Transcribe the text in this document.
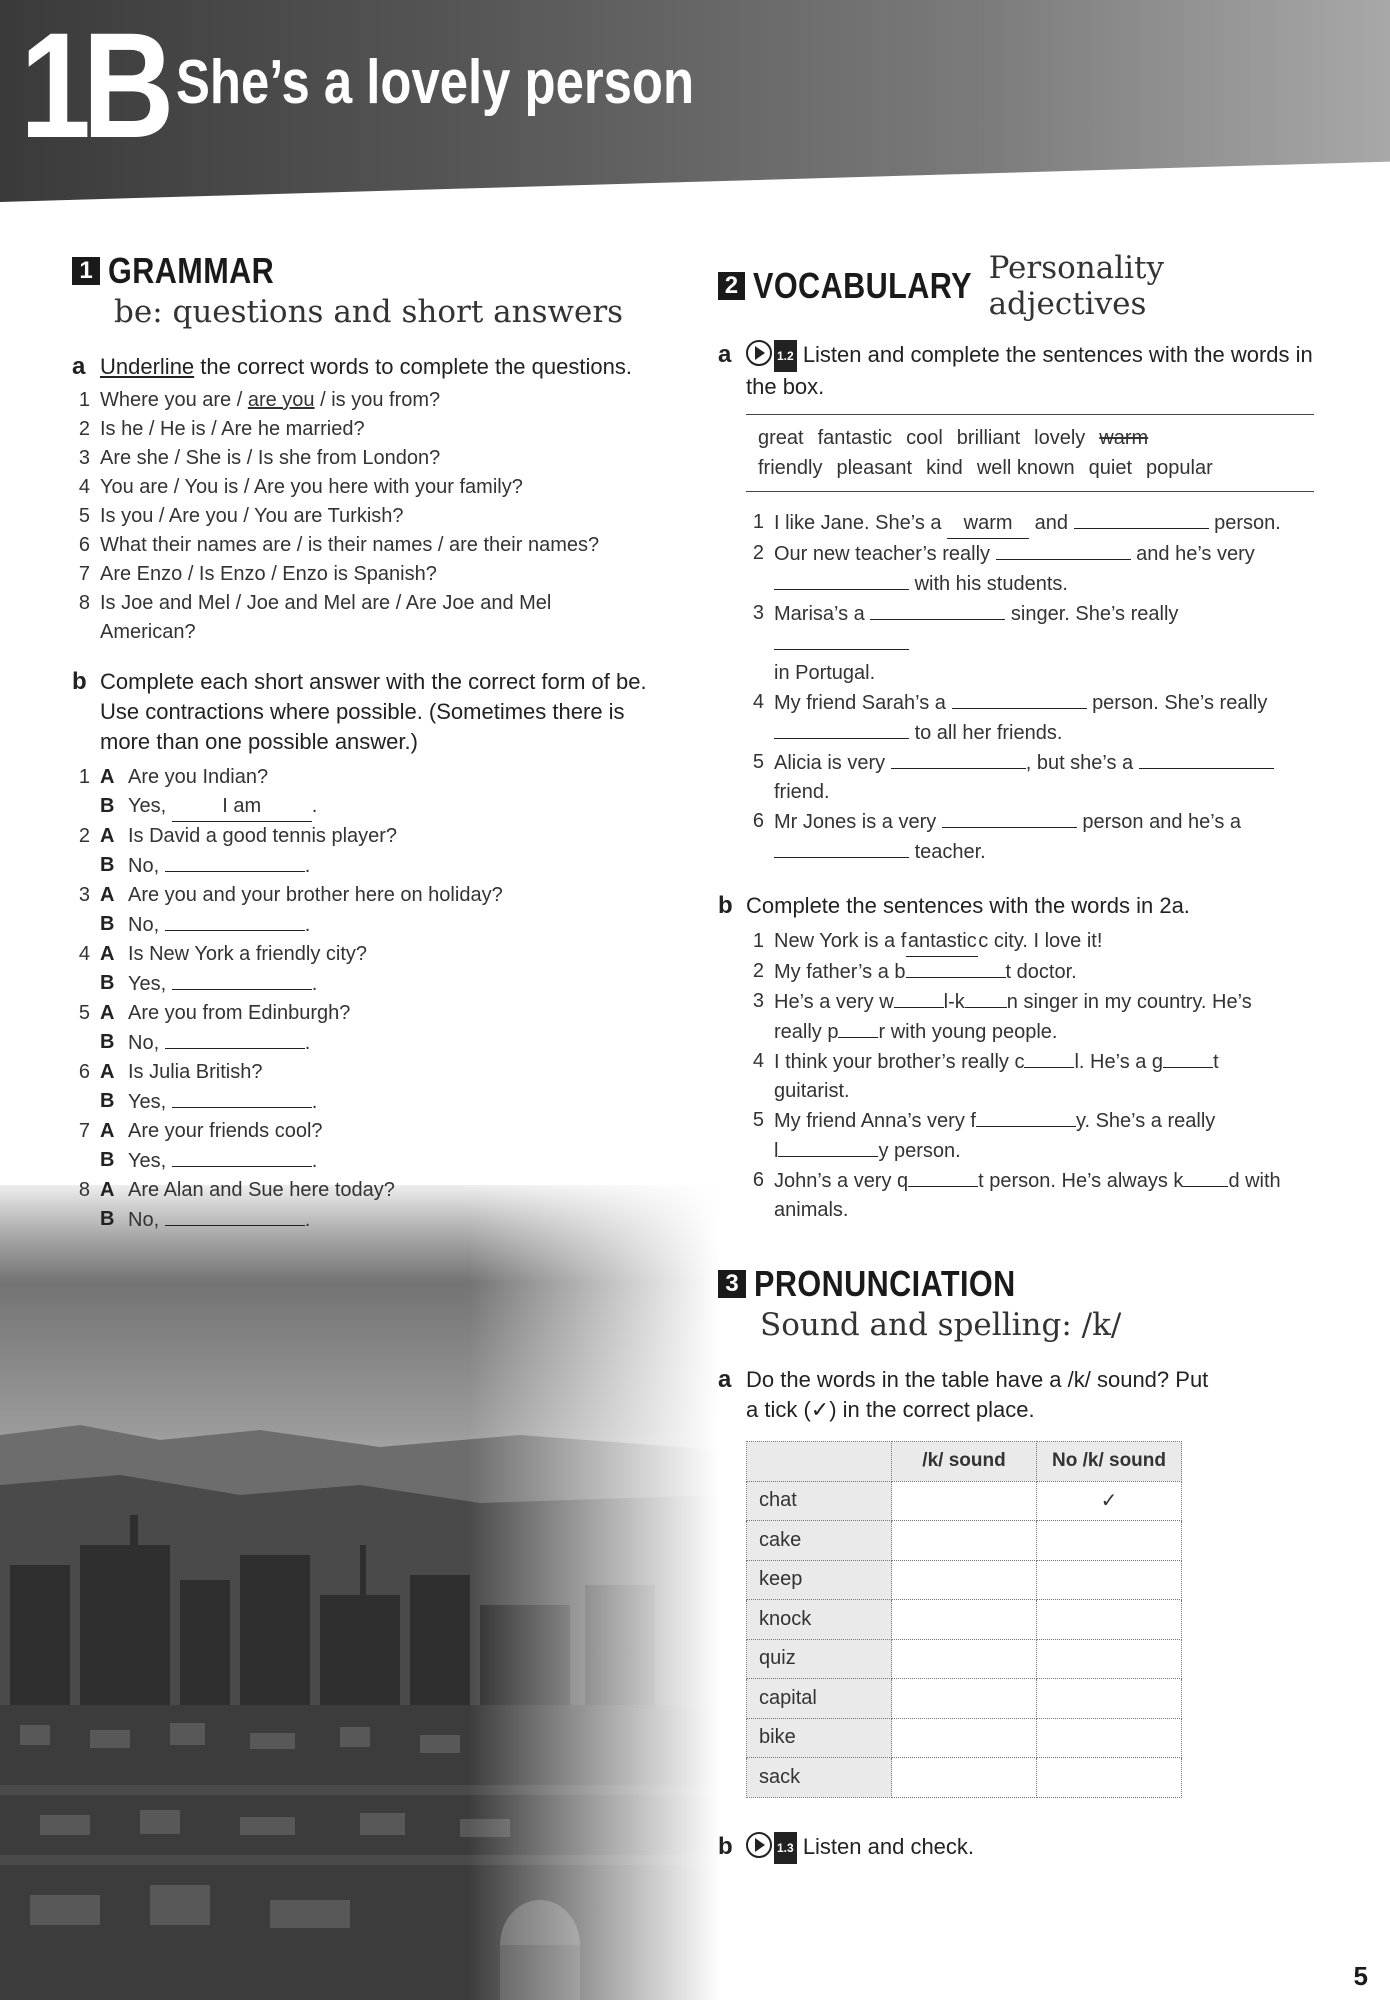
1B She’s a lovely person
1 GRAMMAR
be: questions and short answers
a Underline the correct words to complete the questions.
1 Where you are / are you / is you from?
2 Is he / He is / Are he married?
3 Are she / She is / Is she from London?
4 You are / You is / Are you here with your family?
5 Is you / Are you / You are Turkish?
6 What their names are / is their names / are their names?
7 Are Enzo / Is Enzo / Enzo is Spanish?
8 Is Joe and Mel / Joe and Mel are / Are Joe and Mel American?
b Complete each short answer with the correct form of be. Use contractions where possible. (Sometimes there is more than one possible answer.)
1 A Are you Indian?
B Yes,	I am	.
2 A Is David a good tennis player?
B No,	.
3 A Are you and your brother here on holiday?
B No,	.
4 A Is New York a friendly city?
B Yes,	.
5 A Are you from Edinburgh?
B No,	.
6 A Is Julia British?
B Yes,	.
7 A Are your friends cool?
B Yes,	.
8 A Are Alan and Sue here today?
B No,	.
2 VOCABULARY Personality adjectives
a	1.2 Listen and complete the sentences with the words in the box.
great fantastic cool brilliant lovely warm
friendly pleasant kind well known quiet popular
1 I like Jane. She’s a warm and	person.
2 Our new teacher’s really	and he’s very
with his students.
3 Marisa’s a	singer. She’s really
in Portugal.
4 My friend Sarah’s a	person. She’s really
to all her friends.
5 Alicia is very	, but she’s a
friend.
6 Mr Jones is a very	person and he’s a
teacher.
b Complete the sentences with the words in 2a.
1 New York is a fantasticc city. I love it!
2 My father’s a b	t doctor.
3 He’s a very w	l-k n singer in my country. He’s
really p r with young people.
4 I think your brother’s really c	l. He’s a g	t
guitarist.
5 My friend Anna’s very f	y. She’s a really
l	y person.
6 John’s a very q	t person. He’s always k d with
animals.
3 PRONUNCIATION
Sound and spelling: /k/
a Do the words in the table have a /k/ sound? Put a tick (✓) in the correct place.
	/k/ sound	No /k/ sound
chat		✓
cake		
keep		
knock		
quiz		
capital		
bike		
sack		
b	1.3 Listen and check.
5
